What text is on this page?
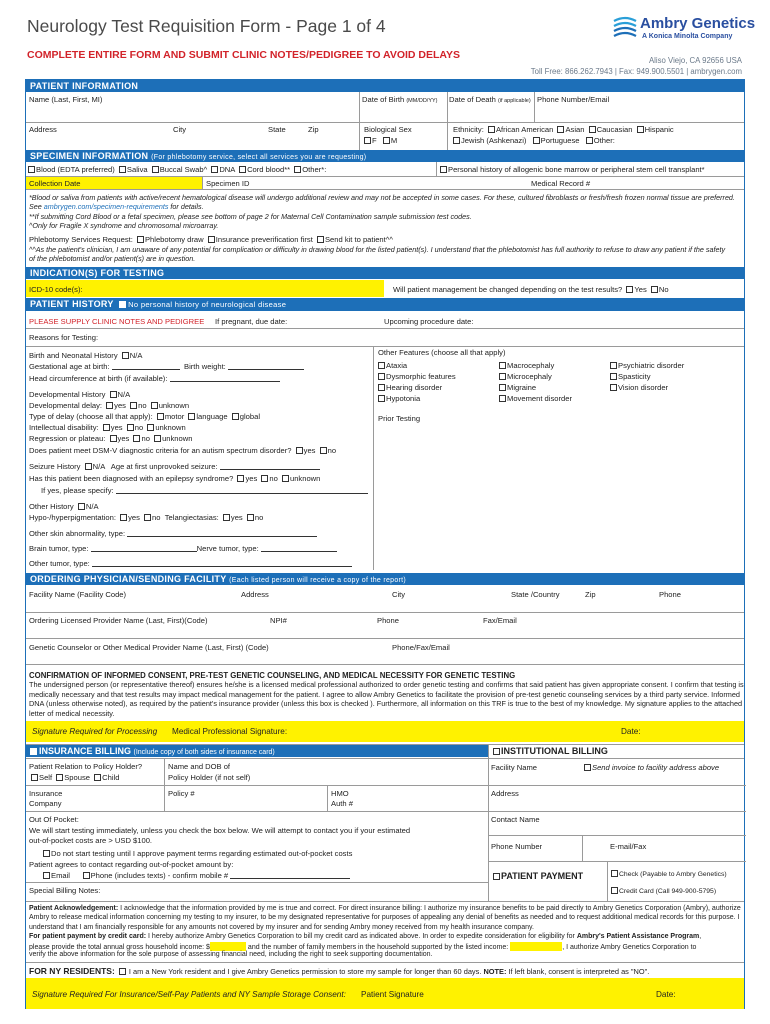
Neurology Test Requisition Form - Page 1 of 4
COMPLETE ENTIRE FORM AND SUBMIT CLINIC NOTES/PEDIGREE TO AVOID DELAYS
Ambry Genetics
A Konica Minolta Company
Aliso Viejo, CA 92656 USA
Toll Free: 866.262.7943 | Fax: 949.900.5501 | ambrygen.com
PATIENT INFORMATION
Name (Last, First, MI)	Date of Birth (MM/DD/YY) Date of Death (if applicable) Phone Number/Email
Address	City	State	Zip	Biological Sex
F M
Ethnicity: African American Asian Caucasian Hispanic
Jewish (Ashkenazi) Portuguese Other:
SPECIMEN INFORMATION (For phlebotomy service, select all services you are requesting)
Blood (EDTA preferred) Saliva Buccal Swab^ DNA Cord blood** Other*:	Personal history of allogenic bone marrow or peripheral stem cell transplant*
Collection Date	Specimen ID	Medical Record #
*Blood or saliva from patients with active/recent hematological disease will undergo additional review and may not be accepted in some cases. For these, cultured fibroblasts or fresh/fresh frozen normal tissue are preferred. See ambrygen.com/specimen-requirements for details.
**If submitting Cord Blood or a fetal specimen, please see bottom of page 2 for Maternal Cell Contamination sample submission test codes.
^Only for Fragile X syndrome and chromosomal microarray.
Phlebotomy Services Request: Phlebotomy draw Insurance preverification first Send kit to patient^^
^^As the patient's clinician, I am unaware of any potential for complication or difficulty in drawing blood for the listed patient(s). I understand that the phlebotomist has full authority to refuse to draw any patient if the safety of the phlebotomist and/or patient(s) are in question.
INDICATION(S) FOR TESTING
ICD-10 code(s):	Will patient management be changed depending on the test results? Yes No
PATIENT HISTORY No personal history of neurological disease
PLEASE SUPPLY CLINIC NOTES AND PEDIGREE If pregnant, due date:	Upcoming procedure date:
Reasons for Testing:
Birth and Neonatal History N/A
Gestational age at birth:	Birth weight:
Head circumference at birth (if available):
Developmental History N/A
Developmental delay: yes no unknown
Type of delay (choose all that apply): motor language global
Intellectual disability: yes no unknown
Regression or plateau: yes no unknown
Does patient meet DSM-V diagnostic criteria for an autism spectrum disorder? yes no
Seizure History N/A Age at first unprovoked seizure:
Has this patient been diagnosed with an epilepsy syndrome? yes no unknown
If yes, please specify:
Other History N/A
Hypo-/hyperpigmentation: yes no Telangiectasias: yes no
Other skin abnormality, type:
Brain tumor, type:	Nerve tumor, type:
Other tumor, type:
Other Features (choose all that apply)
Ataxia
Dysmorphic features
Hearing disorder
Hypotonia
Macrocephaly
Microcephaly
Migraine
Movement disorder
Psychiatric disorder
Spasticity
Vision disorder
Prior Testing
ORDERING PHYSICIAN/SENDING FACILITY (Each listed person will receive a copy of the report)
Facility Name (Facility Code)	Address	City	State /Country	Zip	Phone
Ordering Licensed Provider Name (Last, First)(Code)	NPI#	Phone	Fax/Email
Genetic Counselor or Other Medical Provider Name (Last, First) (Code)	Phone/Fax/Email
CONFIRMATION OF INFORMED CONSENT, PRE-TEST GENETIC COUNSELING, AND MEDICAL NECESSITY FOR GENETIC TESTING
The undersigned person (or representative thereof) ensures he/she is a licensed medical professional authorized to order genetic testing and confirms that said patient has given appropriate consent. I confirm that testing is medically necessary and that test results may impact medical management for the patient. I agree to allow Ambry Genetics to facilitate the provision of pre-test genetic counseling services by a third party service. Informed DNA (unless otherwise noted), as required by the patient's insurance provider (unless this box is checked ). Furthermore, all information on this TRF is true to the best of my knowledge. My signature applies to the attached letter of medical necessity.
Signature Required for Processing Medical Professional Signature:	Date:
INSURANCE BILLING (Include copy of both sides of insurance card)	INSTITUTIONAL BILLING
Patient Relation to Policy Holder?
Self Spouse Child
Name and DOB of
Policy Holder (if not self)
Insurance
Company
Policy #	HMO
Auth #
Out Of Pocket:
We will start testing immediately, unless you check the box below. We will attempt to contact you if your estimated
out-of-pocket costs are > USD $100.
Do not start testing until I approve payment terms regarding estimated out-of-pocket costs
Patient agrees to contact regarding out-of-pocket amount by:
Email	Phone (includes texts) - confirm mobile #
Special Billing Notes:
Facility Name	Send invoice to facility address above
Address
Contact Name
Phone Number	E-mail/Fax
PATIENT PAYMENT	Check (Payable to Ambry Genetics)
Credit Card (Call 949-900-5795)
Patient Acknowledgement: I acknowledge that the information provided by me is true and correct. For direct insurance billing: I authorize my insurance benefits to be paid directly to Ambry Genetics Corporation (Ambry), authorize Ambry to release medical information concerning my testing to my insurer, to be my designated representative for purposes of appealing any denial of benefits as needed and to request additional medical records for this purpose. I understand that I am financially responsible for any amounts not covered by my insurer and for sending Ambry money received from my health insurance company.
For patient payment by credit card: I hereby authorize Ambry Genetics Corporation to bill my credit card as indicated above. In order to expedite consideration for eligibility for Ambry's Patient Assistance Program,
please provide the total annual gross household income: $	and the number of family members in the household supported by the listed income:	, I authorize Ambry Genetics Corporation to
verify the above information for the sole purpose of assessing financial need, including the right to seek supporting documentation.
FOR NY RESIDENTS: I am a New York resident and I give Ambry Genetics permission to store my sample for longer than 60 days. NOTE: If left blank, consent is interpreted as "NO".
Signature Required For Insurance/Self-Pay Patients and NY Sample Storage Consent: Patient Signature	Date:
